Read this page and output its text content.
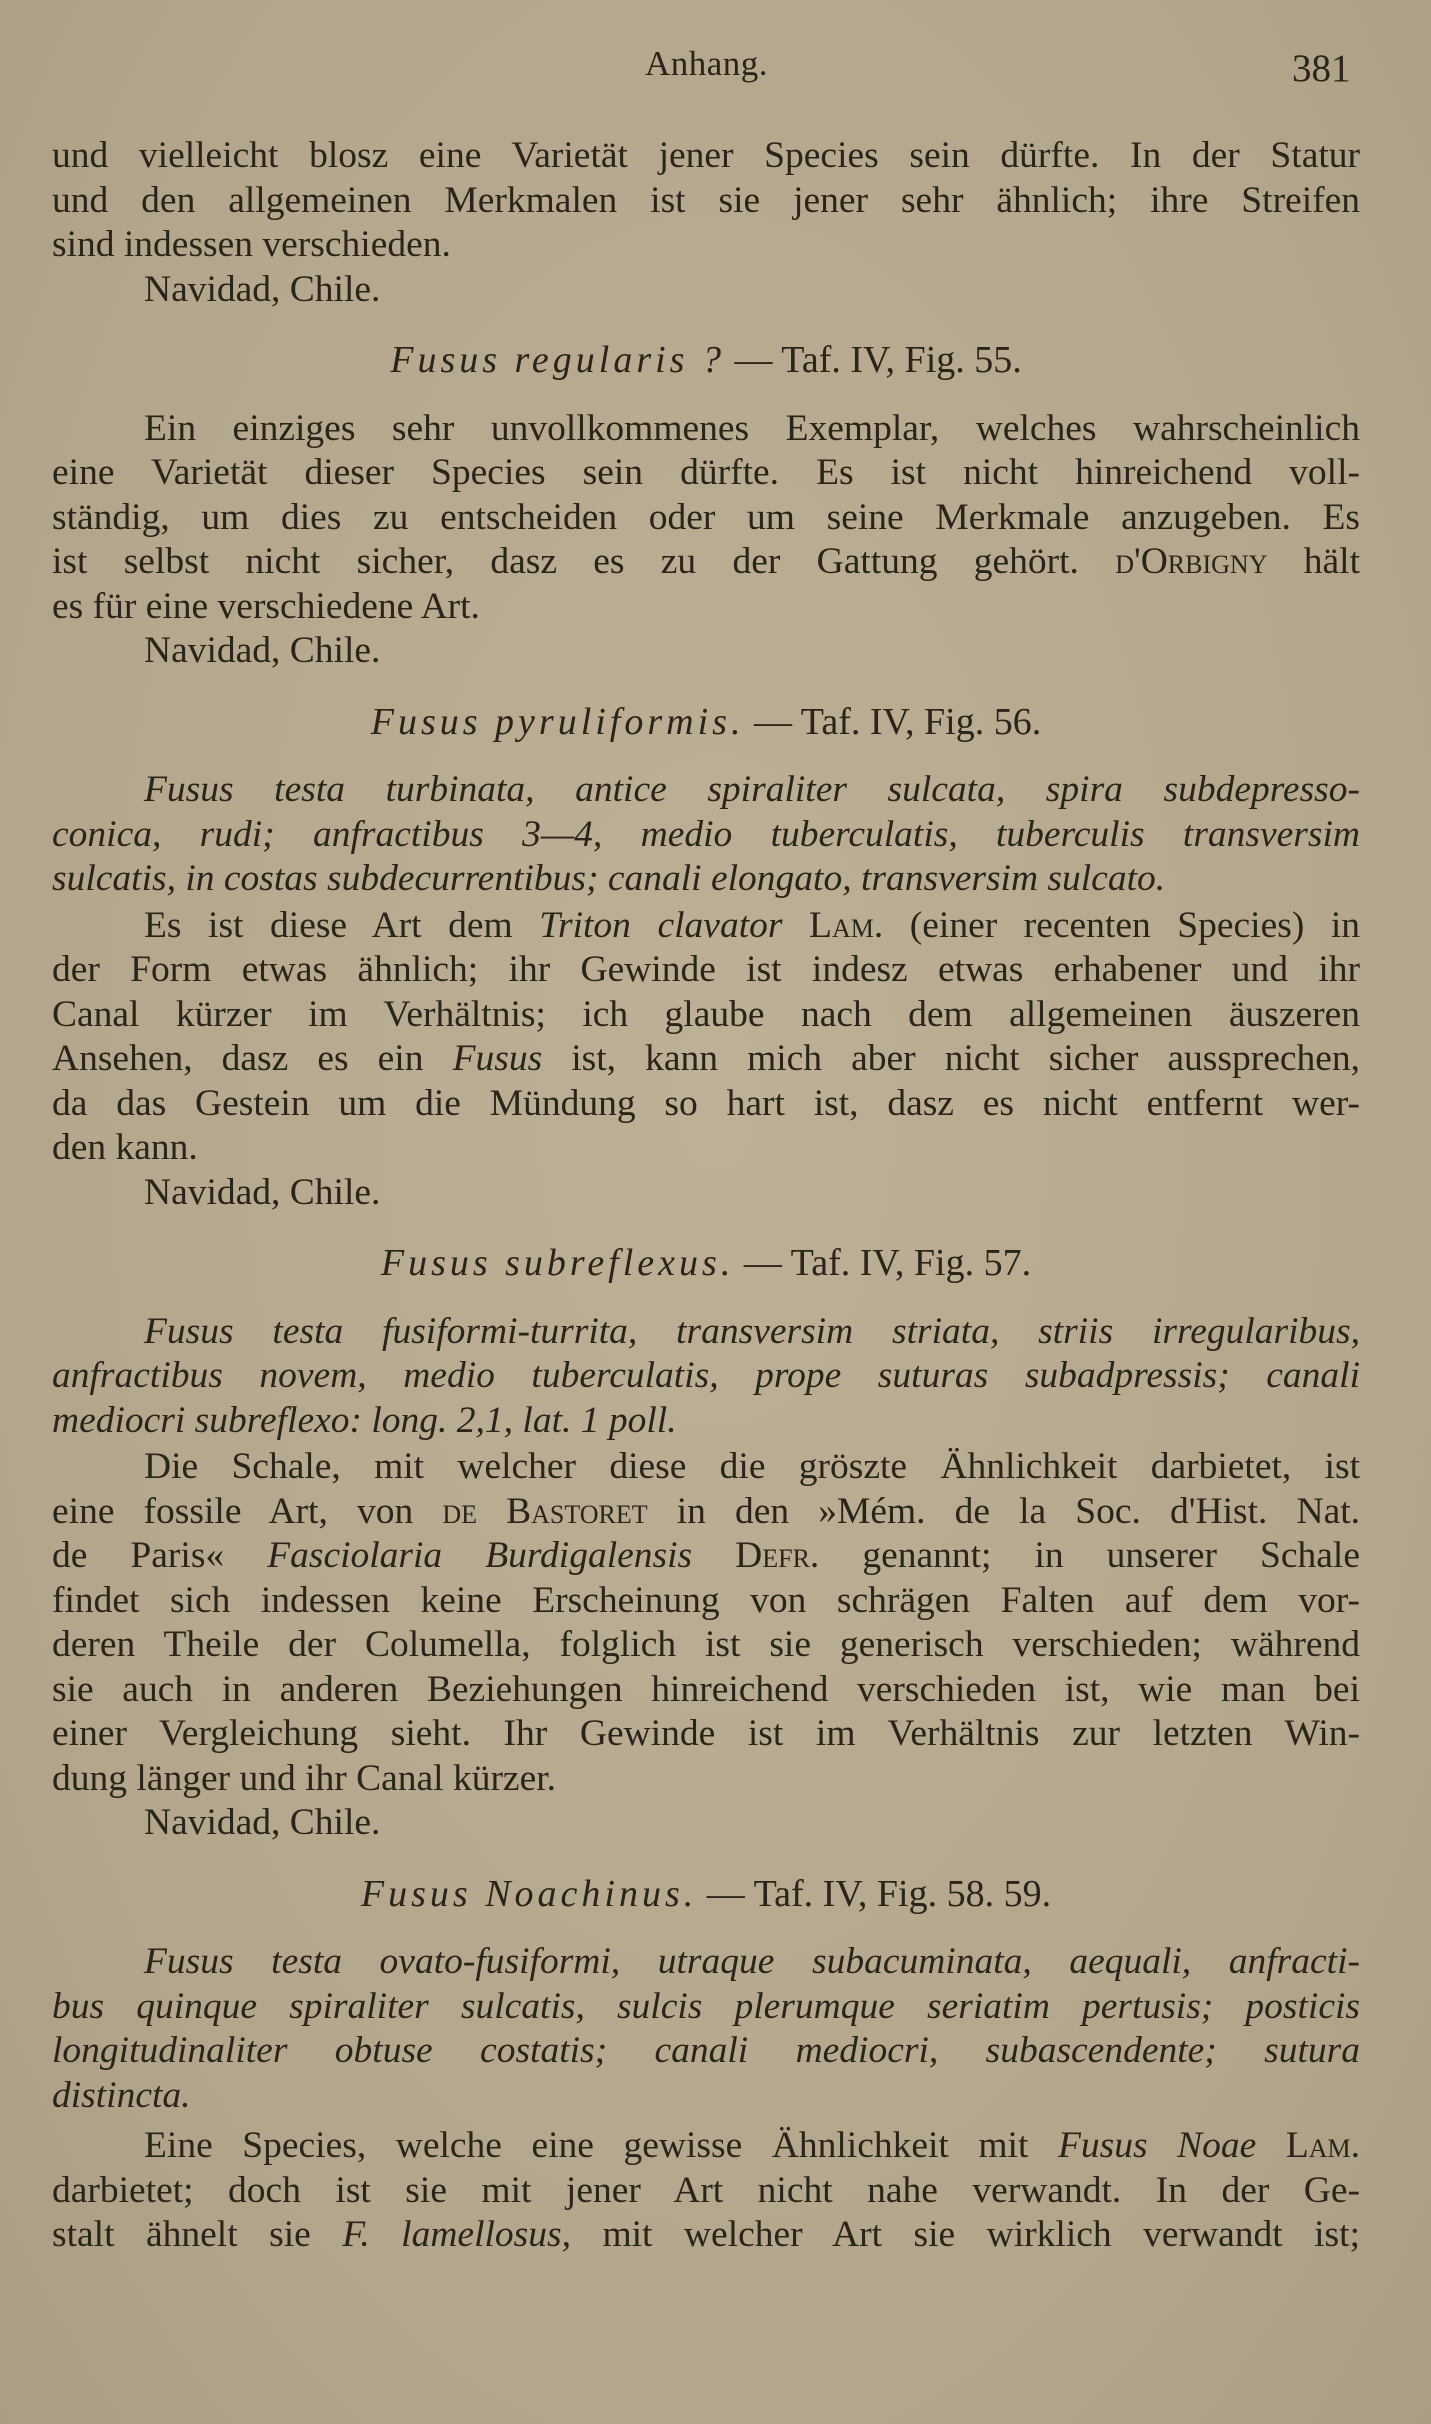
Anhang.	381
und vielleicht blosz eine Varietät jener Species sein dürfte. In der Statur
und den allgemeinen Merkmalen ist sie jener sehr ähnlich; ihre Streifen
sind indessen verschieden.
Navidad, Chile.
Fusus regularis ? — Taf. IV, Fig. 55.
Ein einziges sehr unvollkommenes Exemplar, welches wahrscheinlich
eine Varietät dieser Species sein dürfte. Es ist nicht hinreichend voll-
ständig, um dies zu entscheiden oder um seine Merkmale anzugeben. Es
ist selbst nicht sicher, dasz es zu der Gattung gehört. d'Orbigny hält
es für eine verschiedene Art.
Navidad, Chile.
Fusus pyruliformis. — Taf. IV, Fig. 56.
Fusus testa turbinata, antice spiraliter sulcata, spira subdepresso-
conica, rudi; anfractibus 3—4, medio tuberculatis, tuberculis transversim
sulcatis, in costas subdecurrentibus; canali elongato, transversim sulcato.
Es ist diese Art dem Triton clavator Lam. (einer recenten Species) in
der Form etwas ähnlich; ihr Gewinde ist indesz etwas erhabener und ihr
Canal kürzer im Verhältnis; ich glaube nach dem allgemeinen äuszeren
Ansehen, dasz es ein Fusus ist, kann mich aber nicht sicher aussprechen,
da das Gestein um die Mündung so hart ist, dasz es nicht entfernt wer-
den kann.
Navidad, Chile.
Fusus subreflexus. — Taf. IV, Fig. 57.
Fusus testa fusiformi-turrita, transversim striata, striis irregularibus,
anfractibus novem, medio tuberculatis, prope suturas subadpressis; canali
mediocri subreflexo: long. 2,1, lat. 1 poll.
Die Schale, mit welcher diese die gröszte Ähnlichkeit darbietet, ist
eine fossile Art, von de Bastoret in den »Mém. de la Soc. d'Hist. Nat.
de Paris« Fasciolaria Burdigalensis Defr. genannt; in unserer Schale
findet sich indessen keine Erscheinung von schrägen Falten auf dem vor-
deren Theile der Columella, folglich ist sie generisch verschieden; während
sie auch in anderen Beziehungen hinreichend verschieden ist, wie man bei
einer Vergleichung sieht. Ihr Gewinde ist im Verhältnis zur letzten Win-
dung länger und ihr Canal kürzer.
Navidad, Chile.
Fusus Noachinus. — Taf. IV, Fig. 58. 59.
Fusus testa ovato-fusiformi, utraque subacuminata, aequali, anfracti-
bus quinque spiraliter sulcatis, sulcis plerumque seriatim pertusis; posticis
longitudinaliter obtuse costatis; canali mediocri, subascendente; sutura
distincta.
Eine Species, welche eine gewisse Ähnlichkeit mit Fusus Noae Lam.
darbietet; doch ist sie mit jener Art nicht nahe verwandt. In der Ge-
stalt ähnelt sie F. lamellosus, mit welcher Art sie wirklich verwandt ist;
